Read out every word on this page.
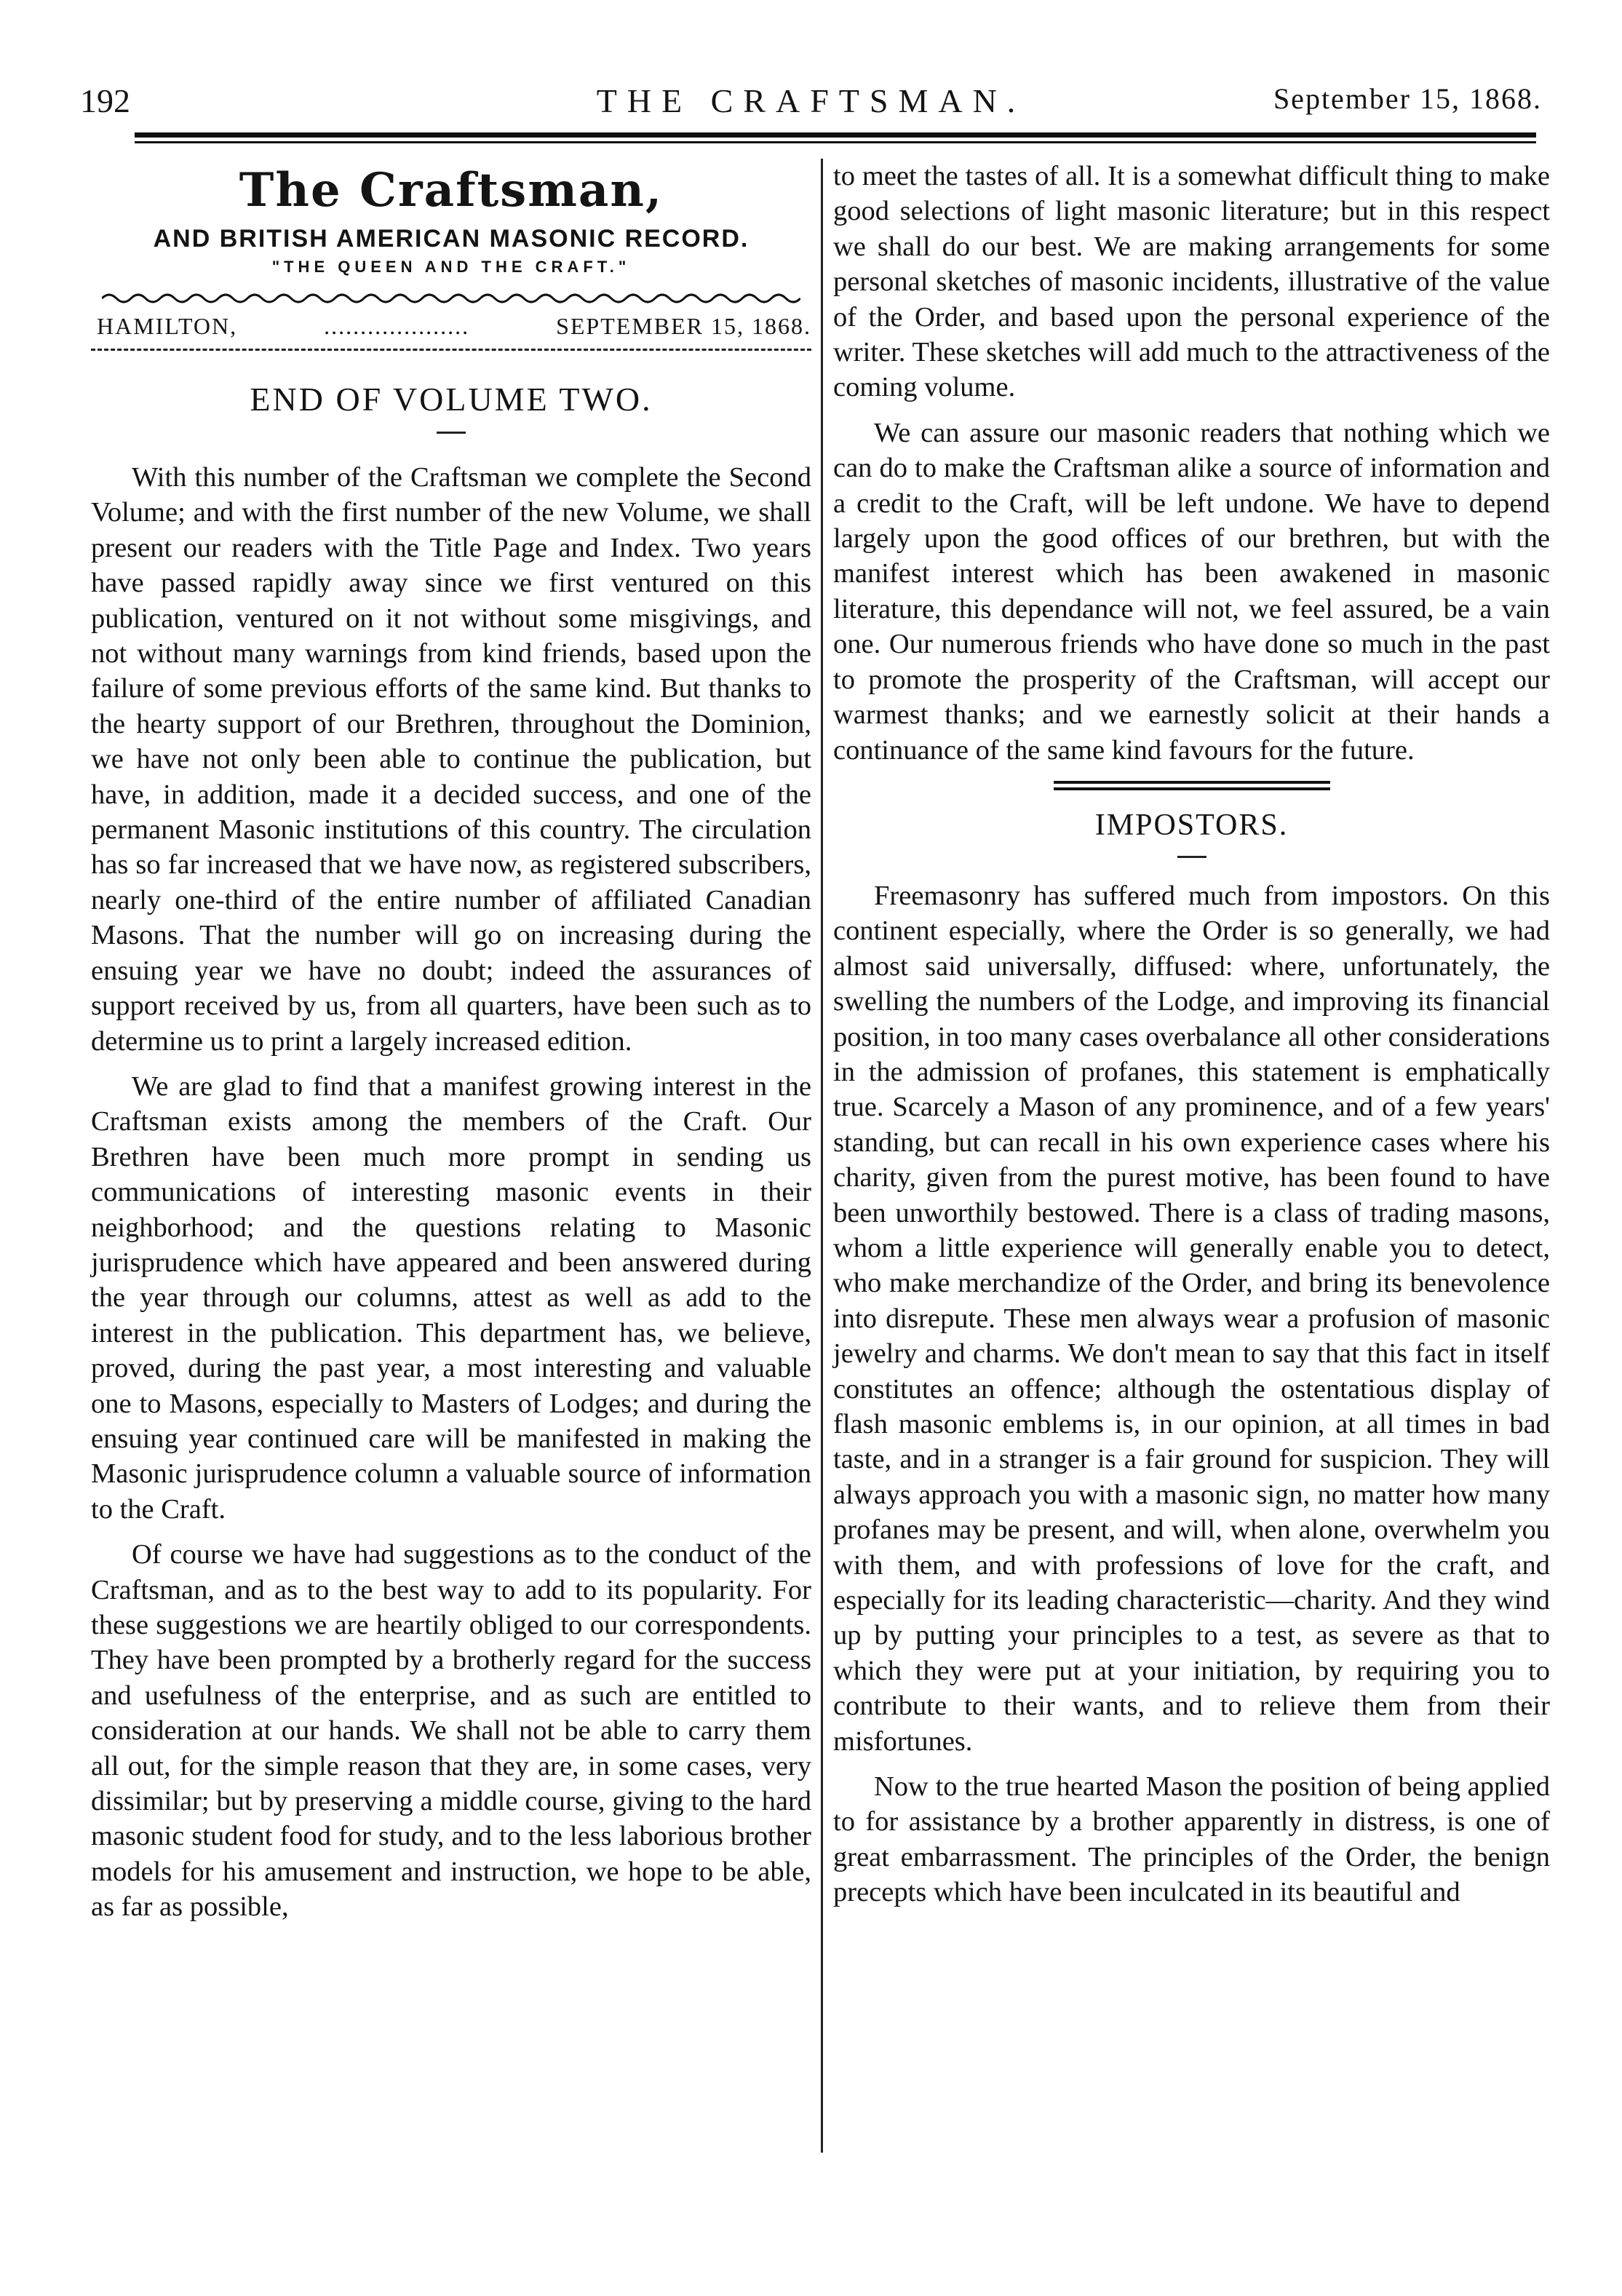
192	THE CRAFTSMAN.	September 15, 1868.
The Craftsman,
AND BRITISH AMERICAN MASONIC RECORD.
"THE QUEEN AND THE CRAFT."
HAMILTON,	....................	SEPTEMBER 15, 1868.
END OF VOLUME TWO.

With this number of the Craftsman we complete the Second Volume; and with the first number of the new Volume, we shall present our readers with the Title Page and Index. Two years have passed rapidly away since we first ventured on this publication, ventured on it not without some misgivings, and not without many warnings from kind friends, based upon the failure of some previous efforts of the same kind. But thanks to the hearty support of our Brethren, throughout the Dominion, we have not only been able to continue the publication, but have, in addition, made it a decided success, and one of the permanent Masonic institutions of this country. The circulation has so far increased that we have now, as registered subscribers, nearly one-third of the entire number of affiliated Canadian Masons. That the number will go on increasing during the ensuing year we have no doubt; indeed the assurances of support received by us, from all quarters, have been such as to determine us to print a largely increased edition.

We are glad to find that a manifest growing interest in the Craftsman exists among the members of the Craft. Our Brethren have been much more prompt in sending us communications of interesting masonic events in their neighborhood; and the questions relating to Masonic jurisprudence which have appeared and been answered during the year through our columns, attest as well as add to the interest in the publication. This department has, we believe, proved, during the past year, a most interesting and valuable one to Masons, especially to Masters of Lodges; and during the ensuing year continued care will be manifested in making the Masonic jurisprudence column a valuable source of information to the Craft.

Of course we have had suggestions as to the conduct of the Craftsman, and as to the best way to add to its popularity. For these suggestions we are heartily obliged to our correspondents. They have been prompted by a brotherly regard for the success and usefulness of the enterprise, and as such are entitled to consideration at our hands. We shall not be able to carry them all out, for the simple reason that they are, in some cases, very dissimilar; but by preserving a middle course, giving to the hard masonic student food for study, and to the less laborious brother models for his amusement and instruction, we hope to be able, as far as possible,

to meet the tastes of all. It is a somewhat difficult thing to make good selections of light masonic literature; but in this respect we shall do our best. We are making arrangements for some personal sketches of masonic incidents, illustrative of the value of the Order, and based upon the personal experience of the writer. These sketches will add much to the attractiveness of the coming volume.

We can assure our masonic readers that nothing which we can do to make the Craftsman alike a source of information and a credit to the Craft, will be left undone. We have to depend largely upon the good offices of our brethren, but with the manifest interest which has been awakened in masonic literature, this dependance will not, we feel assured, be a vain one. Our numerous friends who have done so much in the past to promote the prosperity of the Craftsman, will accept our warmest thanks; and we earnestly solicit at their hands a continuance of the same kind favours for the future.

IMPOSTORS.

Freemasonry has suffered much from impostors. On this continent especially, where the Order is so generally, we had almost said universally, diffused: where, unfortunately, the swelling the numbers of the Lodge, and improving its financial position, in too many cases overbalance all other considerations in the admission of profanes, this statement is emphatically true. Scarcely a Mason of any prominence, and of a few years' standing, but can recall in his own experience cases where his charity, given from the purest motive, has been found to have been unworthily bestowed. There is a class of trading masons, whom a little experience will generally enable you to detect, who make merchandize of the Order, and bring its benevolence into disrepute. These men always wear a profusion of masonic jewelry and charms. We don't mean to say that this fact in itself constitutes an offence; although the ostentatious display of flash masonic emblems is, in our opinion, at all times in bad taste, and in a stranger is a fair ground for suspicion. They will always approach you with a masonic sign, no matter how many profanes may be present, and will, when alone, overwhelm you with them, and with professions of love for the craft, and especially for its leading characteristic—charity. And they wind up by putting your principles to a test, as severe as that to which they were put at your initiation, by requiring you to contribute to their wants, and to relieve them from their misfortunes.

Now to the true hearted Mason the position of being applied to for assistance by a brother apparently in distress, is one of great embarrassment. The principles of the Order, the benign precepts which have been inculcated in its beautiful and
